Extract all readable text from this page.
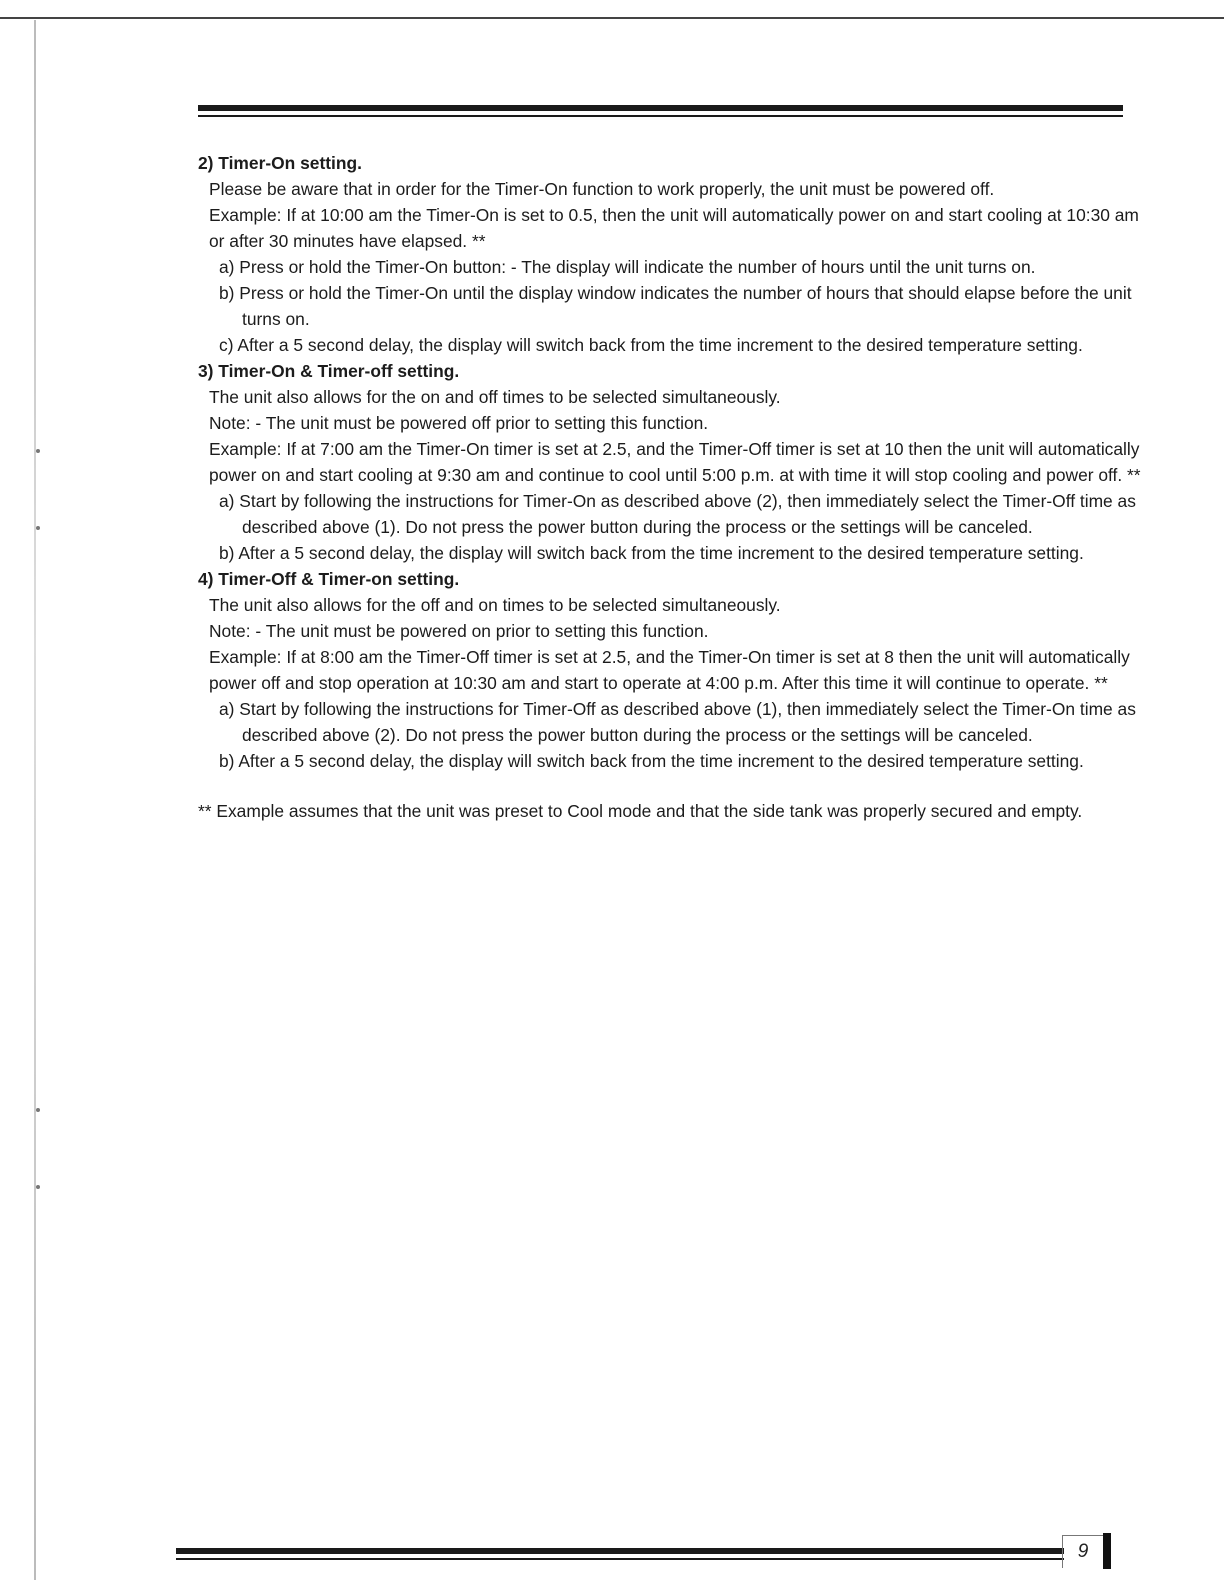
2) Timer-On setting.

Please be aware that in order for the Timer-On function to work properly, the unit must be powered off.

Example: If at 10:00 am the Timer-On is set to 0.5, then the unit will automatically power on and start cooling at 10:30 am or after 30 minutes have elapsed. **

a) Press or hold the Timer-On button: - The display will indicate the number of hours until the unit turns on.

b) Press or hold the Timer-On until the display window indicates the number of hours that should elapse before the unit turns on.

c) After a 5 second delay, the display will switch back from the time increment to the desired temperature setting.

3) Timer-On & Timer-off setting.

The unit also allows for the on and off times to be selected simultaneously.

Note: - The unit must be powered off prior to setting this function.

Example: If at 7:00 am the Timer-On timer is set at 2.5, and the Timer-Off timer is set at 10 then the unit will automatically power on and start cooling at 9:30 am and continue to cool until 5:00 p.m. at with time it will stop cooling and power off. **

a) Start by following the instructions for Timer-On as described above (2), then immediately select the Timer-Off time as described above (1). Do not press the power button during the process or the settings will be canceled.

b) After a 5 second delay, the display will switch back from the time increment to the desired temperature setting.

4) Timer-Off & Timer-on setting.

The unit also allows for the off and on times to be selected simultaneously.

Note: - The unit must be powered on prior to setting this function.

Example: If at 8:00 am the Timer-Off timer is set at 2.5, and the Timer-On timer is set at 8 then the unit will automatically power off and stop operation at 10:30 am and start to operate at 4:00 p.m. After this time it will continue to operate. **

a) Start by following the instructions for Timer-Off as described above (1), then immediately select the Timer-On time as described above (2). Do not press the power button during the process or the settings will be canceled.

b) After a 5 second delay, the display will switch back from the time increment to the desired temperature setting.

** Example assumes that the unit was preset to Cool mode and that the side tank was properly secured and empty.

9
